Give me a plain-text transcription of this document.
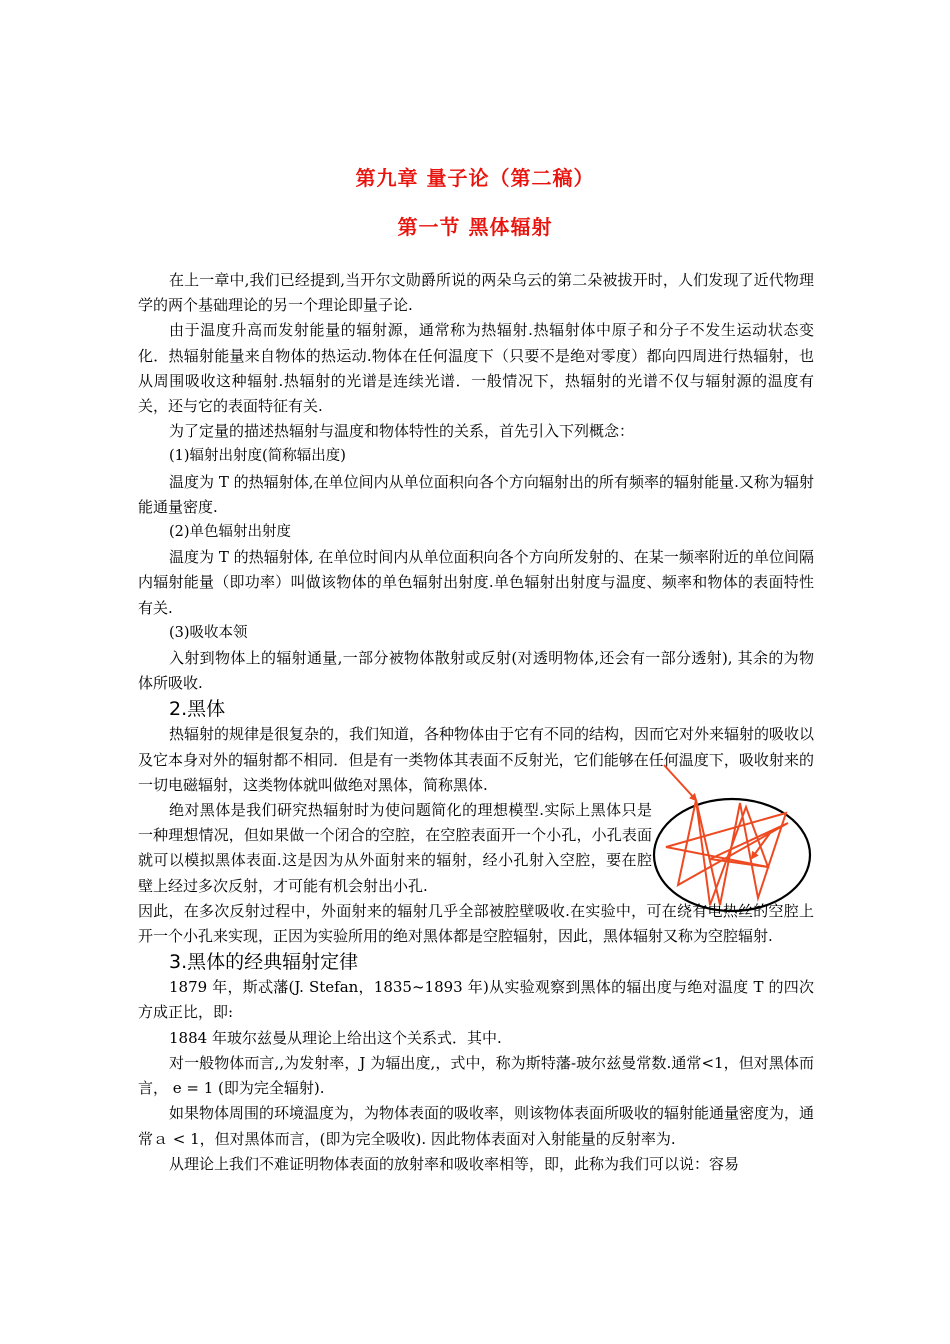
第九章 量子论（第二稿）
第一节 黑体辐射

在上一章中,我们已经提到,当开尔文勋爵所说的两朵乌云的第二朵被拔开时，人们发现了近代物理学的两个基础理论的另一个理论即量子论.

由于温度升高而发射能量的辐射源，通常称为热辐射.热辐射体中原子和分子不发生运动状态变化．热辐射能量来自物体的热运动.物体在任何温度下（只要不是绝对零度）都向四周进行热辐射，也从周围吸收这种辐射.热辐射的光谱是连续光谱．一般情况下，热辐射的光谱不仅与辐射源的温度有关，还与它的表面特征有关.

为了定量的描述热辐射与温度和物体特性的关系，首先引入下列概念：

(1)辐射出射度(简称辐出度)

温度为 T 的热辐射体,在单位间内从单位面积向各个方向辐射出的所有频率的辐射能量.又称为辐射能通量密度.

(2)单色辐射出射度

温度为 T 的热辐射体, 在单位时间内从单位面积向各个方向所发射的、在某一频率附近的单位间隔内辐射能量（即功率）叫做该物体的单色辐射出射度.单色辐射出射度与温度、频率和物体的表面特性有关.

(3)吸收本领

入射到物体上的辐射通量,一部分被物体散射或反射(对透明物体,还会有一部分透射), 其余的为物体所吸收.

2.黑体

热辐射的规律是很复杂的，我们知道，各种物体由于它有不同的结构，因而它对外来辐射的吸收以及它本身对外的辐射都不相同．但是有一类物体其表面不反射光，它们能够在任何温度下，吸收射来的一切电磁辐射，这类物体就叫做绝对黑体，简称黑体.

绝对黑体是我们研究热辐射时为使问题简化的理想模型.实际上黑体只是一种理想情况，但如果做一个闭合的空腔，在空腔表面开一个小孔，小孔表面就可以模拟黑体表面.这是因为从外面射来的辐射，经小孔射入空腔，要在腔壁上经过多次反射，才可能有机会射出小孔.

因此，在多次反射过程中，外面射来的辐射几乎全部被腔壁吸收.在实验中，可在绕有电热丝的空腔上开一个小孔来实现，正因为实验所用的绝对黑体都是空腔辐射，因此，黑体辐射又称为空腔辐射.

3.黑体的经典辐射定律

1879 年，斯忒藩(J. Stefan，1835~1893 年)从实验观察到黑体的辐出度与绝对温度 T 的四次方成正比，即:

1884 年玻尔兹曼从理论上给出这个关系式．其中.

对一般物体而言,,为发射率，J 为辐出度,，式中，称为斯特藩-玻尔兹曼常数.通常<1，但对黑体而言， e = 1 (即为完全辐射).

如果物体周围的环境温度为，为物体表面的吸收率，则该物体表面所吸收的辐射能通量密度为，通常ａ < 1，但对黑体而言，(即为完全吸收). 因此物体表面对入射能量的反射率为.

从理论上我们不难证明物体表面的放射率和吸收率相等，即，此称为我们可以说：容易
